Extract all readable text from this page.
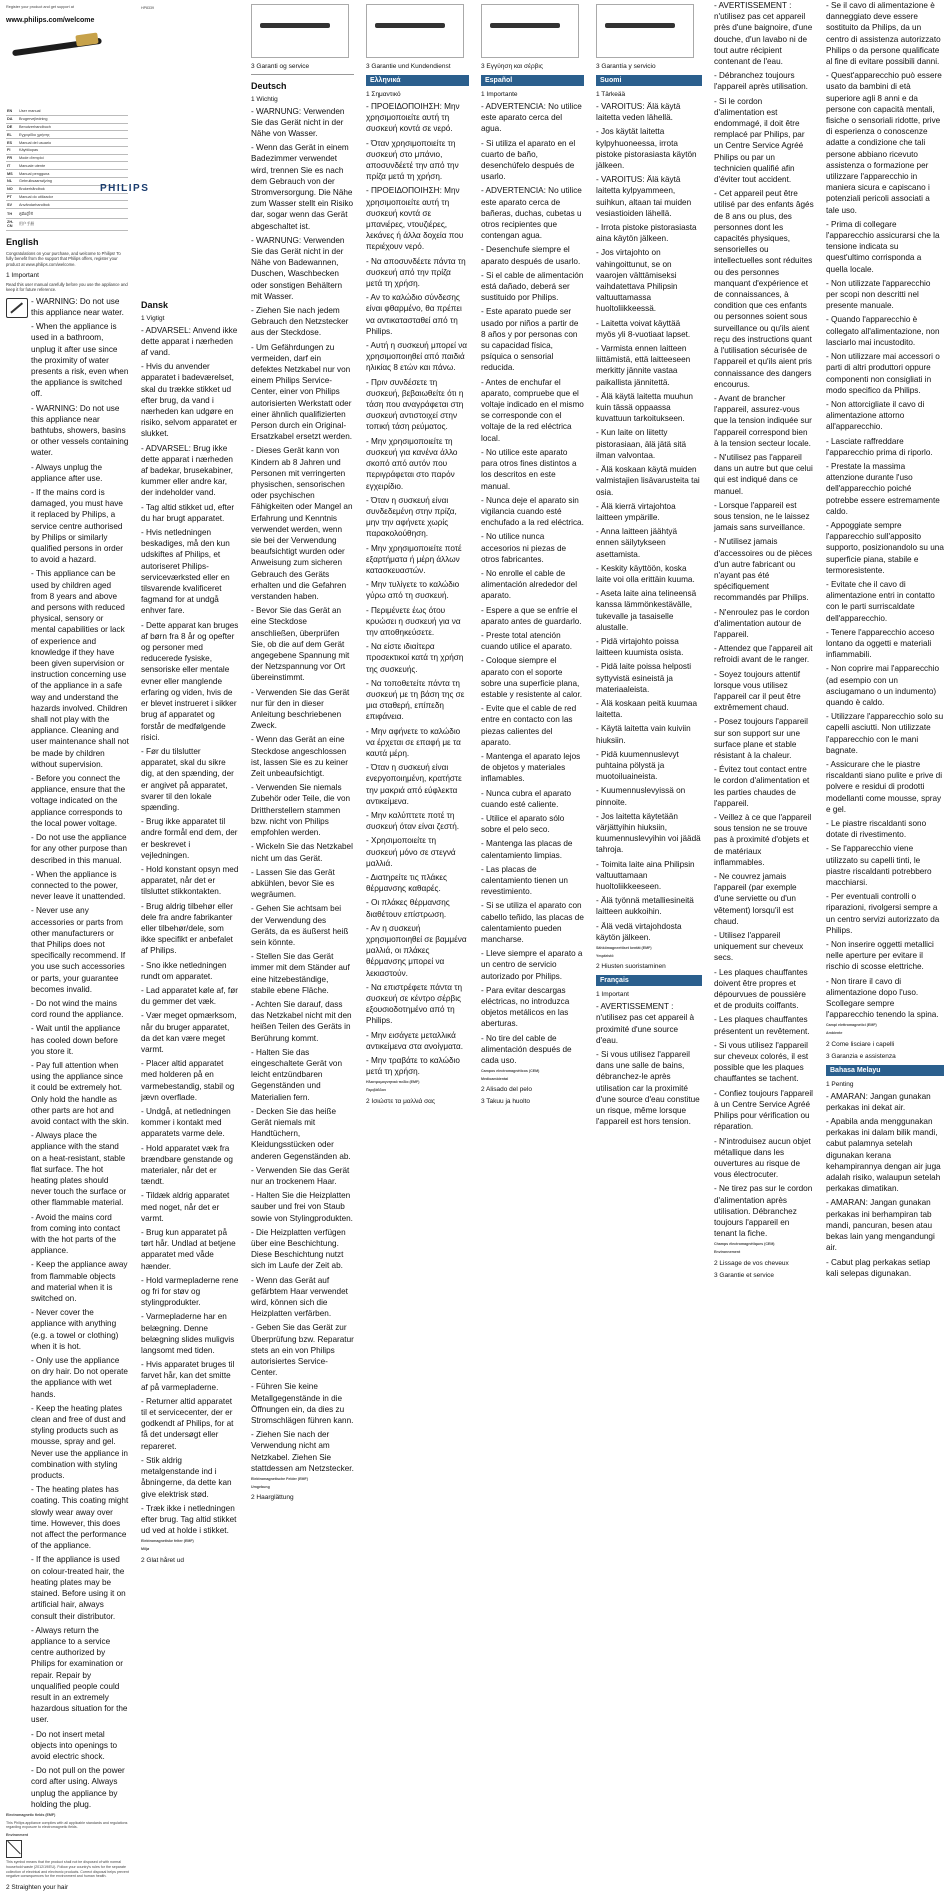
Register your product and get support at
www.philips.com/welcome
PHILIPS
EN	User manual
DA	Brugervejledning
DE	Benutzerhandbuch
EL	Εγχειρίδιο χρήσης
ES	Manual del usuario
FI	Käyttöopas
FR	Mode d'emploi
IT	Manuale utente
MS	Manual pengguna
NL	Gebruiksaanwijzing
NO	Brukerhåndbok
PT	Manual do utilizador
SV	Användarhandbok
TH	คู่มือผู้ใช้
ZH-CN	用户手册
English
Congratulations on your purchase, and welcome to Philips! To fully benefit from the support that Philips offers, register your product at www.philips.com/welcome.
1 Important
Read this user manual carefully before you use the appliance and keep it for future reference.
- WARNING: Do not use this appliance near water.
- When the appliance is used in a bathroom, unplug it after use since the proximity of water presents a risk, even when the appliance is switched off.
- WARNING: Do not use this appliance near bathtubs, showers, basins or other vessels containing water.
- Always unplug the appliance after use.
- If the mains cord is damaged, you must have it replaced by Philips, a service centre authorised by Philips or similarly qualified persons in order to avoid a hazard.
- This appliance can be used by children aged from 8 years and above and persons with reduced physical, sensory or mental capabilities or lack of experience and knowledge if they have been given supervision or instruction concerning use of the appliance in a safe way and understand the hazards involved. Children shall not play with the appliance. Cleaning and user maintenance shall not be made by children without supervision.
- Before you connect the appliance, ensure that the voltage indicated on the appliance corresponds to the local power voltage.
- Do not use the appliance for any other purpose than described in this manual.
- When the appliance is connected to the power, never leave it unattended.
- Never use any accessories or parts from other manufacturers or that Philips does not specifically recommend. If you use such accessories or parts, your guarantee becomes invalid.
- Do not wind the mains cord round the appliance.
- Wait until the appliance has cooled down before you store it.
- Pay full attention when using the appliance since it could be extremely hot. Only hold the handle as other parts are hot and avoid contact with the skin.
- Always place the appliance with the stand on a heat-resistant, stable flat surface. The hot heating plates should never touch the surface or other flammable material.
- Avoid the mains cord from coming into contact with the hot parts of the appliance.
- Keep the appliance away from flammable objects and material when it is switched on.
- Never cover the appliance with anything (e.g. a towel or clothing) when it is hot.
- Only use the appliance on dry hair. Do not operate the appliance with wet hands.
- Keep the heating plates clean and free of dust and styling products such as mousse, spray and gel. Never use the appliance in combination with styling products.
- The heating plates has coating. This coating might slowly wear away over time. However, this does not affect the performance of the appliance.
- If the appliance is used on colour-treated hair, the heating plates may be stained. Before using it on artificial hair, always consult their distributor.
- Always return the appliance to a service centre authorized by Philips for examination or repair. Repair by unqualified people could result in an extremely hazardous situation for the user.
- Do not insert metal objects into openings to avoid electric shock.
- Do not pull on the power cord after using. Always unplug the appliance by holding the plug.
Electromagnetic fields (EMF)
This Philips appliance complies with all applicable standards and regulations regarding exposure to electromagnetic fields.
Environment
This symbol means that the product shall not be disposed of with normal household waste (2012/19/EU). Follow your country's rules for the separate collection of electrical and electronic products. Correct disposal helps prevent negative consequences for the environment and human health.
2 Straighten your hair
HP8339
Dansk
1 Vigtigt
- ADVARSEL: Anvend ikke dette apparat i nærheden af vand.
- Hvis du anvender apparatet i badeværelset, skal du trække stikket ud efter brug, da vand i nærheden kan udgøre en risiko, selvom apparatet er slukket.
- ADVARSEL: Brug ikke dette apparat i nærheden af badekar, brusekabiner, kummer eller andre kar, der indeholder vand.
- Tag altid stikket ud, efter du har brugt apparatet.
- Hvis netledningen beskadiges, må den kun udskiftes af Philips, et autoriseret Philips-serviceværksted eller en tilsvarende kvalificeret fagmand for at undgå enhver fare.
- Dette apparat kan bruges af børn fra 8 år og opefter og personer med reducerede fysiske, sensoriske eller mentale evner eller manglende erfaring og viden, hvis de er blevet instrueret i sikker brug af apparatet og forstår de medfølgende risici.
- Før du tilslutter apparatet, skal du sikre dig, at den spænding, der er angivet på apparatet, svarer til den lokale spænding.
- Brug ikke apparatet til andre formål end dem, der er beskrevet i vejledningen.
- Hold konstant opsyn med apparatet, når det er tilsluttet stikkontakten.
- Brug aldrig tilbehør eller dele fra andre fabrikanter eller tilbehør/dele, som ikke specifikt er anbefalet af Philips.
- Sno ikke netledningen rundt om apparatet.
- Lad apparatet køle af, før du gemmer det væk.
- Vær meget opmærksom, når du bruger apparatet, da det kan være meget varmt.
- Placer altid apparatet med holderen på en varmebestandig, stabil og jævn overflade.
- Undgå, at netledningen kommer i kontakt med apparatets varme dele.
- Hold apparatet væk fra brændbare genstande og materialer, når det er tændt.
- Tildæk aldrig apparatet med noget, når det er varmt.
- Brug kun apparatet på tørt hår. Undlad at betjene apparatet med våde hænder.
- Hold varmepladerne rene og fri for støv og stylingprodukter.
- Varmepladerne har en belægning. Denne belægning slides muligvis langsomt med tiden.
- Hvis apparatet bruges til farvet hår, kan det smitte af på varmepladerne.
- Returner altid apparatet til et servicecenter, der er godkendt af Philips, for at få det undersøgt eller repareret.
- Stik aldrig metalgenstande ind i åbningerne, da dette kan give elektrisk stød.
- Træk ikke i netledningen efter brug. Tag altid stikket ud ved at holde i stikket.
Elektromagnetiske felter (EMF)
Miljø
2 Glat håret ud
3 Garanti og service
Deutsch
1 Wichtig
- WARNUNG: Verwenden Sie das Gerät nicht in der Nähe von Wasser.
- Wenn das Gerät in einem Badezimmer verwendet wird, trennen Sie es nach dem Gebrauch von der Stromversorgung. Die Nähe zum Wasser stellt ein Risiko dar, sogar wenn das Gerät abgeschaltet ist.
- WARNUNG: Verwenden Sie das Gerät nicht in der Nähe von Badewannen, Duschen, Waschbecken oder sonstigen Behältern mit Wasser.
- Ziehen Sie nach jedem Gebrauch den Netzstecker aus der Steckdose.
- Um Gefährdungen zu vermeiden, darf ein defektes Netzkabel nur von einem Philips Service-Center, einer von Philips autorisierten Werkstatt oder einer ähnlich qualifizierten Person durch ein Original-Ersatzkabel ersetzt werden.
- Dieses Gerät kann von Kindern ab 8 Jahren und Personen mit verringerten physischen, sensorischen oder psychischen Fähigkeiten oder Mangel an Erfahrung und Kenntnis verwendet werden, wenn sie bei der Verwendung beaufsichtigt wurden oder Anweisung zum sicheren Gebrauch des Geräts erhalten und die Gefahren verstanden haben.
- Bevor Sie das Gerät an eine Steckdose anschließen, überprüfen Sie, ob die auf dem Gerät angegebene Spannung mit der Netzspannung vor Ort übereinstimmt.
- Verwenden Sie das Gerät nur für den in dieser Anleitung beschriebenen Zweck.
- Wenn das Gerät an eine Steckdose angeschlossen ist, lassen Sie es zu keiner Zeit unbeaufsichtigt.
- Verwenden Sie niemals Zubehör oder Teile, die von Drittherstellern stammen bzw. nicht von Philips empfohlen werden.
- Wickeln Sie das Netzkabel nicht um das Gerät.
- Lassen Sie das Gerät abkühlen, bevor Sie es wegräumen.
- Gehen Sie achtsam bei der Verwendung des Geräts, da es äußerst heiß sein könnte.
- Stellen Sie das Gerät immer mit dem Ständer auf eine hitzebeständige, stabile ebene Fläche.
- Achten Sie darauf, dass das Netzkabel nicht mit den heißen Teilen des Geräts in Berührung kommt.
- Halten Sie das eingeschaltete Gerät von leicht entzündbaren Gegenständen und Materialien fern.
- Decken Sie das heiße Gerät niemals mit Handtüchern, Kleidungsstücken oder anderen Gegenständen ab.
- Verwenden Sie das Gerät nur an trockenem Haar.
- Halten Sie die Heizplatten sauber und frei von Staub sowie von Stylingprodukten.
- Die Heizplatten verfügen über eine Beschichtung. Diese Beschichtung nutzt sich im Laufe der Zeit ab.
- Wenn das Gerät auf gefärbtem Haar verwendet wird, können sich die Heizplatten verfärben.
- Geben Sie das Gerät zur Überprüfung bzw. Reparatur stets an ein von Philips autorisiertes Service-Center.
- Führen Sie keine Metallgegenstände in die Öffnungen ein, da dies zu Stromschlägen führen kann.
- Ziehen Sie nach der Verwendung nicht am Netzkabel. Ziehen Sie stattdessen am Netzstecker.
Elektromagnetische Felder (EMF)
Umgebung
2 Haarglättung
3 Garantie und Kundendienst
Ελληνικά
1 Σημαντικό
- ΠΡΟΕΙΔΟΠΟΙΗΣΗ: Μην χρησιμοποιείτε αυτή τη συσκευή κοντά σε νερό.
- Όταν χρησιμοποιείτε τη συσκευή στο μπάνιο, αποσυνδέετέ την από την πρίζα μετά τη χρήση.
- ΠΡΟΕΙΔΟΠΟΙΗΣΗ: Μην χρησιμοποιείτε αυτή τη συσκευή κοντά σε μπανιέρες, ντουζιέρες, λεκάνες ή άλλα δοχεία που περιέχουν νερό.
- Να αποσυνδέετε πάντα τη συσκευή από την πρίζα μετά τη χρήση.
- Αν το καλώδιο σύνδεσης είναι φθαρμένο, θα πρέπει να αντικατασταθεί από τη Philips.
- Αυτή η συσκευή μπορεί να χρησιμοποιηθεί από παιδιά ηλικίας 8 ετών και πάνω.
- Πριν συνδέσετε τη συσκευή, βεβαιωθείτε ότι η τάση που αναγράφεται στη συσκευή αντιστοιχεί στην τοπική τάση ρεύματος.
- Μην χρησιμοποιείτε τη συσκευή για κανένα άλλο σκοπό από αυτόν που περιγράφεται στο παρόν εγχειρίδιο.
- Όταν η συσκευή είναι συνδεδεμένη στην πρίζα, μην την αφήνετε χωρίς παρακολούθηση.
- Μην χρησιμοποιείτε ποτέ εξαρτήματα ή μέρη άλλων κατασκευαστών.
- Μην τυλίγετε το καλώδιο γύρω από τη συσκευή.
- Περιμένετε έως ότου κρυώσει η συσκευή για να την αποθηκεύσετε.
- Να είστε ιδιαίτερα προσεκτικοί κατά τη χρήση της συσκευής.
- Να τοποθετείτε πάντα τη συσκευή με τη βάση της σε μια σταθερή, επίπεδη επιφάνεια.
- Μην αφήνετε το καλώδιο να έρχεται σε επαφή με τα καυτά μέρη.
- Όταν η συσκευή είναι ενεργοποιημένη, κρατήστε την μακριά από εύφλεκτα αντικείμενα.
- Μην καλύπτετε ποτέ τη συσκευή όταν είναι ζεστή.
- Χρησιμοποιείτε τη συσκευή μόνο σε στεγνά μαλλιά.
- Διατηρείτε τις πλάκες θέρμανσης καθαρές.
- Οι πλάκες θέρμανσης διαθέτουν επίστρωση.
- Αν η συσκευή χρησιμοποιηθεί σε βαμμένα μαλλιά, οι πλάκες θέρμανσης μπορεί να λεκιαστούν.
- Να επιστρέφετε πάντα τη συσκευή σε κέντρο σέρβις εξουσιοδοτημένο από τη Philips.
- Μην εισάγετε μεταλλικά αντικείμενα στα ανοίγματα.
- Μην τραβάτε το καλώδιο μετά τη χρήση.
Ηλεκτρομαγνητικά πεδία (EMF)
Περιβάλλον
2 Ισιώστε τα μαλλιά σας
3 Εγγύηση και σέρβις
Español
1 Importante
- ADVERTENCIA: No utilice este aparato cerca del agua.
- Si utiliza el aparato en el cuarto de baño, desenchúfelo después de usarlo.
- ADVERTENCIA: No utilice este aparato cerca de bañeras, duchas, cubetas u otros recipientes que contengan agua.
- Desenchufe siempre el aparato después de usarlo.
- Si el cable de alimentación está dañado, deberá ser sustituido por Philips.
- Este aparato puede ser usado por niños a partir de 8 años y por personas con su capacidad física, psíquica o sensorial reducida.
- Antes de enchufar el aparato, compruebe que el voltaje indicado en el mismo se corresponde con el voltaje de la red eléctrica local.
- No utilice este aparato para otros fines distintos a los descritos en este manual.
- Nunca deje el aparato sin vigilancia cuando esté enchufado a la red eléctrica.
- No utilice nunca accesorios ni piezas de otros fabricantes.
- No enrolle el cable de alimentación alrededor del aparato.
- Espere a que se enfríe el aparato antes de guardarlo.
- Preste total atención cuando utilice el aparato.
- Coloque siempre el aparato con el soporte sobre una superficie plana, estable y resistente al calor.
- Evite que el cable de red entre en contacto con las piezas calientes del aparato.
- Mantenga el aparato lejos de objetos y materiales inflamables.
- Nunca cubra el aparato cuando esté caliente.
- Utilice el aparato sólo sobre el pelo seco.
- Mantenga las placas de calentamiento limpias.
- Las placas de calentamiento tienen un revestimiento.
- Si se utiliza el aparato con cabello teñido, las placas de calentamiento pueden mancharse.
- Lleve siempre el aparato a un centro de servicio autorizado por Philips.
- Para evitar descargas eléctricas, no introduzca objetos metálicos en las aberturas.
- No tire del cable de alimentación después de cada uso.
Campos electromagnéticos (CEM)
Medioambiental
2 Alisado del pelo
3 Takuu ja huolto
3 Garantía y servicio
Suomi
1 Tärkeää
- VAROITUS: Älä käytä laitetta veden lähellä.
- Jos käytät laitetta kylpyhuoneessa, irrota pistoke pistorasiasta käytön jälkeen.
- VAROITUS: Älä käytä laitetta kylpyammeen, suihkun, altaan tai muiden vesiastioiden lähellä.
- Irrota pistoke pistorasiasta aina käytön jälkeen.
- Jos virtajohto on vahingoittunut, se on vaarojen välttämiseksi vaihdatettava Philipsin valtuuttamassa huoltoliikkeessä.
- Laitetta voivat käyttää myös yli 8-vuotiaat lapset.
- Varmista ennen laitteen liittämistä, että laitteeseen merkitty jännite vastaa paikallista jännitettä.
- Älä käytä laitetta muuhun kuin tässä oppaassa kuvattuun tarkoitukseen.
- Kun laite on liitetty pistorasiaan, älä jätä sitä ilman valvontaa.
- Älä koskaan käytä muiden valmistajien lisävarusteita tai osia.
- Älä kierrä virtajohtoa laitteen ympärille.
- Anna laitteen jäähtyä ennen säilytykseen asettamista.
- Keskity käyttöön, koska laite voi olla erittäin kuuma.
- Aseta laite aina telineensä kanssa lämmönkestävälle, tukevalle ja tasaiselle alustalle.
- Pidä virtajohto poissa laitteen kuumista osista.
- Pidä laite poissa helposti syttyvistä esineistä ja materiaaleista.
- Älä koskaan peitä kuumaa laitetta.
- Käytä laitetta vain kuiviin hiuksiin.
- Pidä kuumennuslevyt puhtaina pölystä ja muotoiluaineista.
- Kuumennuslevyissä on pinnoite.
- Jos laitetta käytetään värjättyihin hiuksiin, kuumennuslevyihin voi jäädä tahroja.
- Toimita laite aina Philipsin valtuuttamaan huoltoliikkeeseen.
- Älä työnnä metalliesineitä laitteen aukkoihin.
- Älä vedä virtajohdosta käytön jälkeen.
Sähkömagneettiset kentät (EMF)
Ympäristö
2 Hiusten suoristaminen
Français
1 Important
- AVERTISSEMENT : n'utilisez pas cet appareil à proximité d'une source d'eau.
- Si vous utilisez l'appareil dans une salle de bains, débranchez-le après utilisation car la proximité d'une source d'eau constitue un risque, même lorsque l'appareil est hors tension.
- AVERTISSEMENT : n'utilisez pas cet appareil près d'une baignoire, d'une douche, d'un lavabo ni de tout autre récipient contenant de l'eau.
- Débranchez toujours l'appareil après utilisation.
- Si le cordon d'alimentation est endommagé, il doit être remplacé par Philips, par un Centre Service Agréé Philips ou par un technicien qualifié afin d'éviter tout accident.
- Cet appareil peut être utilisé par des enfants âgés de 8 ans ou plus, des personnes dont les capacités physiques, sensorielles ou intellectuelles sont réduites ou des personnes manquant d'expérience et de connaissances, à condition que ces enfants ou personnes soient sous surveillance ou qu'ils aient reçu des instructions quant à l'utilisation sécurisée de l'appareil et qu'ils aient pris connaissance des dangers encourus.
- Avant de brancher l'appareil, assurez-vous que la tension indiquée sur l'appareil correspond bien à la tension secteur locale.
- N'utilisez pas l'appareil dans un autre but que celui qui est indiqué dans ce manuel.
- Lorsque l'appareil est sous tension, ne le laissez jamais sans surveillance.
- N'utilisez jamais d'accessoires ou de pièces d'un autre fabricant ou n'ayant pas été spécifiquement recommandés par Philips.
- N'enroulez pas le cordon d'alimentation autour de l'appareil.
- Attendez que l'appareil ait refroidi avant de le ranger.
- Soyez toujours attentif lorsque vous utilisez l'appareil car il peut être extrêmement chaud.
- Posez toujours l'appareil sur son support sur une surface plane et stable résistant à la chaleur.
- Évitez tout contact entre le cordon d'alimentation et les parties chaudes de l'appareil.
- Veillez à ce que l'appareil sous tension ne se trouve pas à proximité d'objets et de matériaux inflammables.
- Ne couvrez jamais l'appareil (par exemple d'une serviette ou d'un vêtement) lorsqu'il est chaud.
- Utilisez l'appareil uniquement sur cheveux secs.
- Les plaques chauffantes doivent être propres et dépourvues de poussière et de produits coiffants.
- Les plaques chauffantes présentent un revêtement.
- Si vous utilisez l'appareil sur cheveux colorés, il est possible que les plaques chauffantes se tachent.
- Confiez toujours l'appareil à un Centre Service Agréé Philips pour vérification ou réparation.
- N'introduisez aucun objet métallique dans les ouvertures au risque de vous électrocuter.
- Ne tirez pas sur le cordon d'alimentation après utilisation. Débranchez toujours l'appareil en tenant la fiche.
Champs électromagnétiques (CEM)
Environnement
2 Lissage de vos cheveux
3 Garantie et service
- Se il cavo di alimentazione è danneggiato deve essere sostituito da Philips, da un centro di assistenza autorizzato Philips o da persone qualificate al fine di evitare possibili danni.
- Quest'apparecchio può essere usato da bambini di età superiore agli 8 anni e da persone con capacità mentali, fisiche o sensoriali ridotte, prive di esperienza o conoscenze adatte a condizione che tali persone abbiano ricevuto assistenza o formazione per utilizzare l'apparecchio in maniera sicura e capiscano i potenziali pericoli associati a tale uso.
- Prima di collegare l'apparecchio assicurarsi che la tensione indicata su quest'ultimo corrisponda a quella locale.
- Non utilizzate l'apparecchio per scopi non descritti nel presente manuale.
- Quando l'apparecchio è collegato all'alimentazione, non lasciarlo mai incustodito.
- Non utilizzare mai accessori o parti di altri produttori oppure componenti non consigliati in modo specifico da Philips.
- Non attorcigliate il cavo di alimentazione attorno all'apparecchio.
- Lasciate raffreddare l'apparecchio prima di riporlo.
- Prestate la massima attenzione durante l'uso dell'apparecchio poiché potrebbe essere estremamente caldo.
- Appoggiate sempre l'apparecchio sull'apposito supporto, posizionandolo su una superficie piana, stabile e termoresistente.
- Evitate che il cavo di alimentazione entri in contatto con le parti surriscaldate dell'apparecchio.
- Tenere l'apparecchio acceso lontano da oggetti e materiali infiammabili.
- Non coprire mai l'apparecchio (ad esempio con un asciugamano o un indumento) quando è caldo.
- Utilizzare l'apparecchio solo su capelli asciutti. Non utilizzate l'apparecchio con le mani bagnate.
- Assicurare che le piastre riscaldanti siano pulite e prive di polvere e residui di prodotti modellanti come mousse, spray e gel.
- Le piastre riscaldanti sono dotate di rivestimento.
- Se l'apparecchio viene utilizzato su capelli tinti, le piastre riscaldanti potrebbero macchiarsi.
- Per eventuali controlli o riparazioni, rivolgersi sempre a un centro servizi autorizzato da Philips.
- Non inserire oggetti metallici nelle aperture per evitare il rischio di scosse elettriche.
- Non tirare il cavo di alimentazione dopo l'uso. Scollegare sempre l'apparecchio tenendo la spina.
Campi elettromagnetici (EMF)
Ambiente
2 Come lisciare i capelli
3 Garanzia e assistenza
Bahasa Melayu
1 Penting
- AMARAN: Jangan gunakan perkakas ini dekat air.
- Apabila anda menggunakan perkakas ini dalam bilik mandi, cabut palamnya setelah digunakan kerana kehampirannya dengan air juga adalah risiko, walaupun setelah perkakas dimatikan.
- AMARAN: Jangan gunakan perkakas ini berhampiran tab mandi, pancuran, besen atau bekas lain yang mengandungi air.
- Cabut plag perkakas setiap kali selepas digunakan.
